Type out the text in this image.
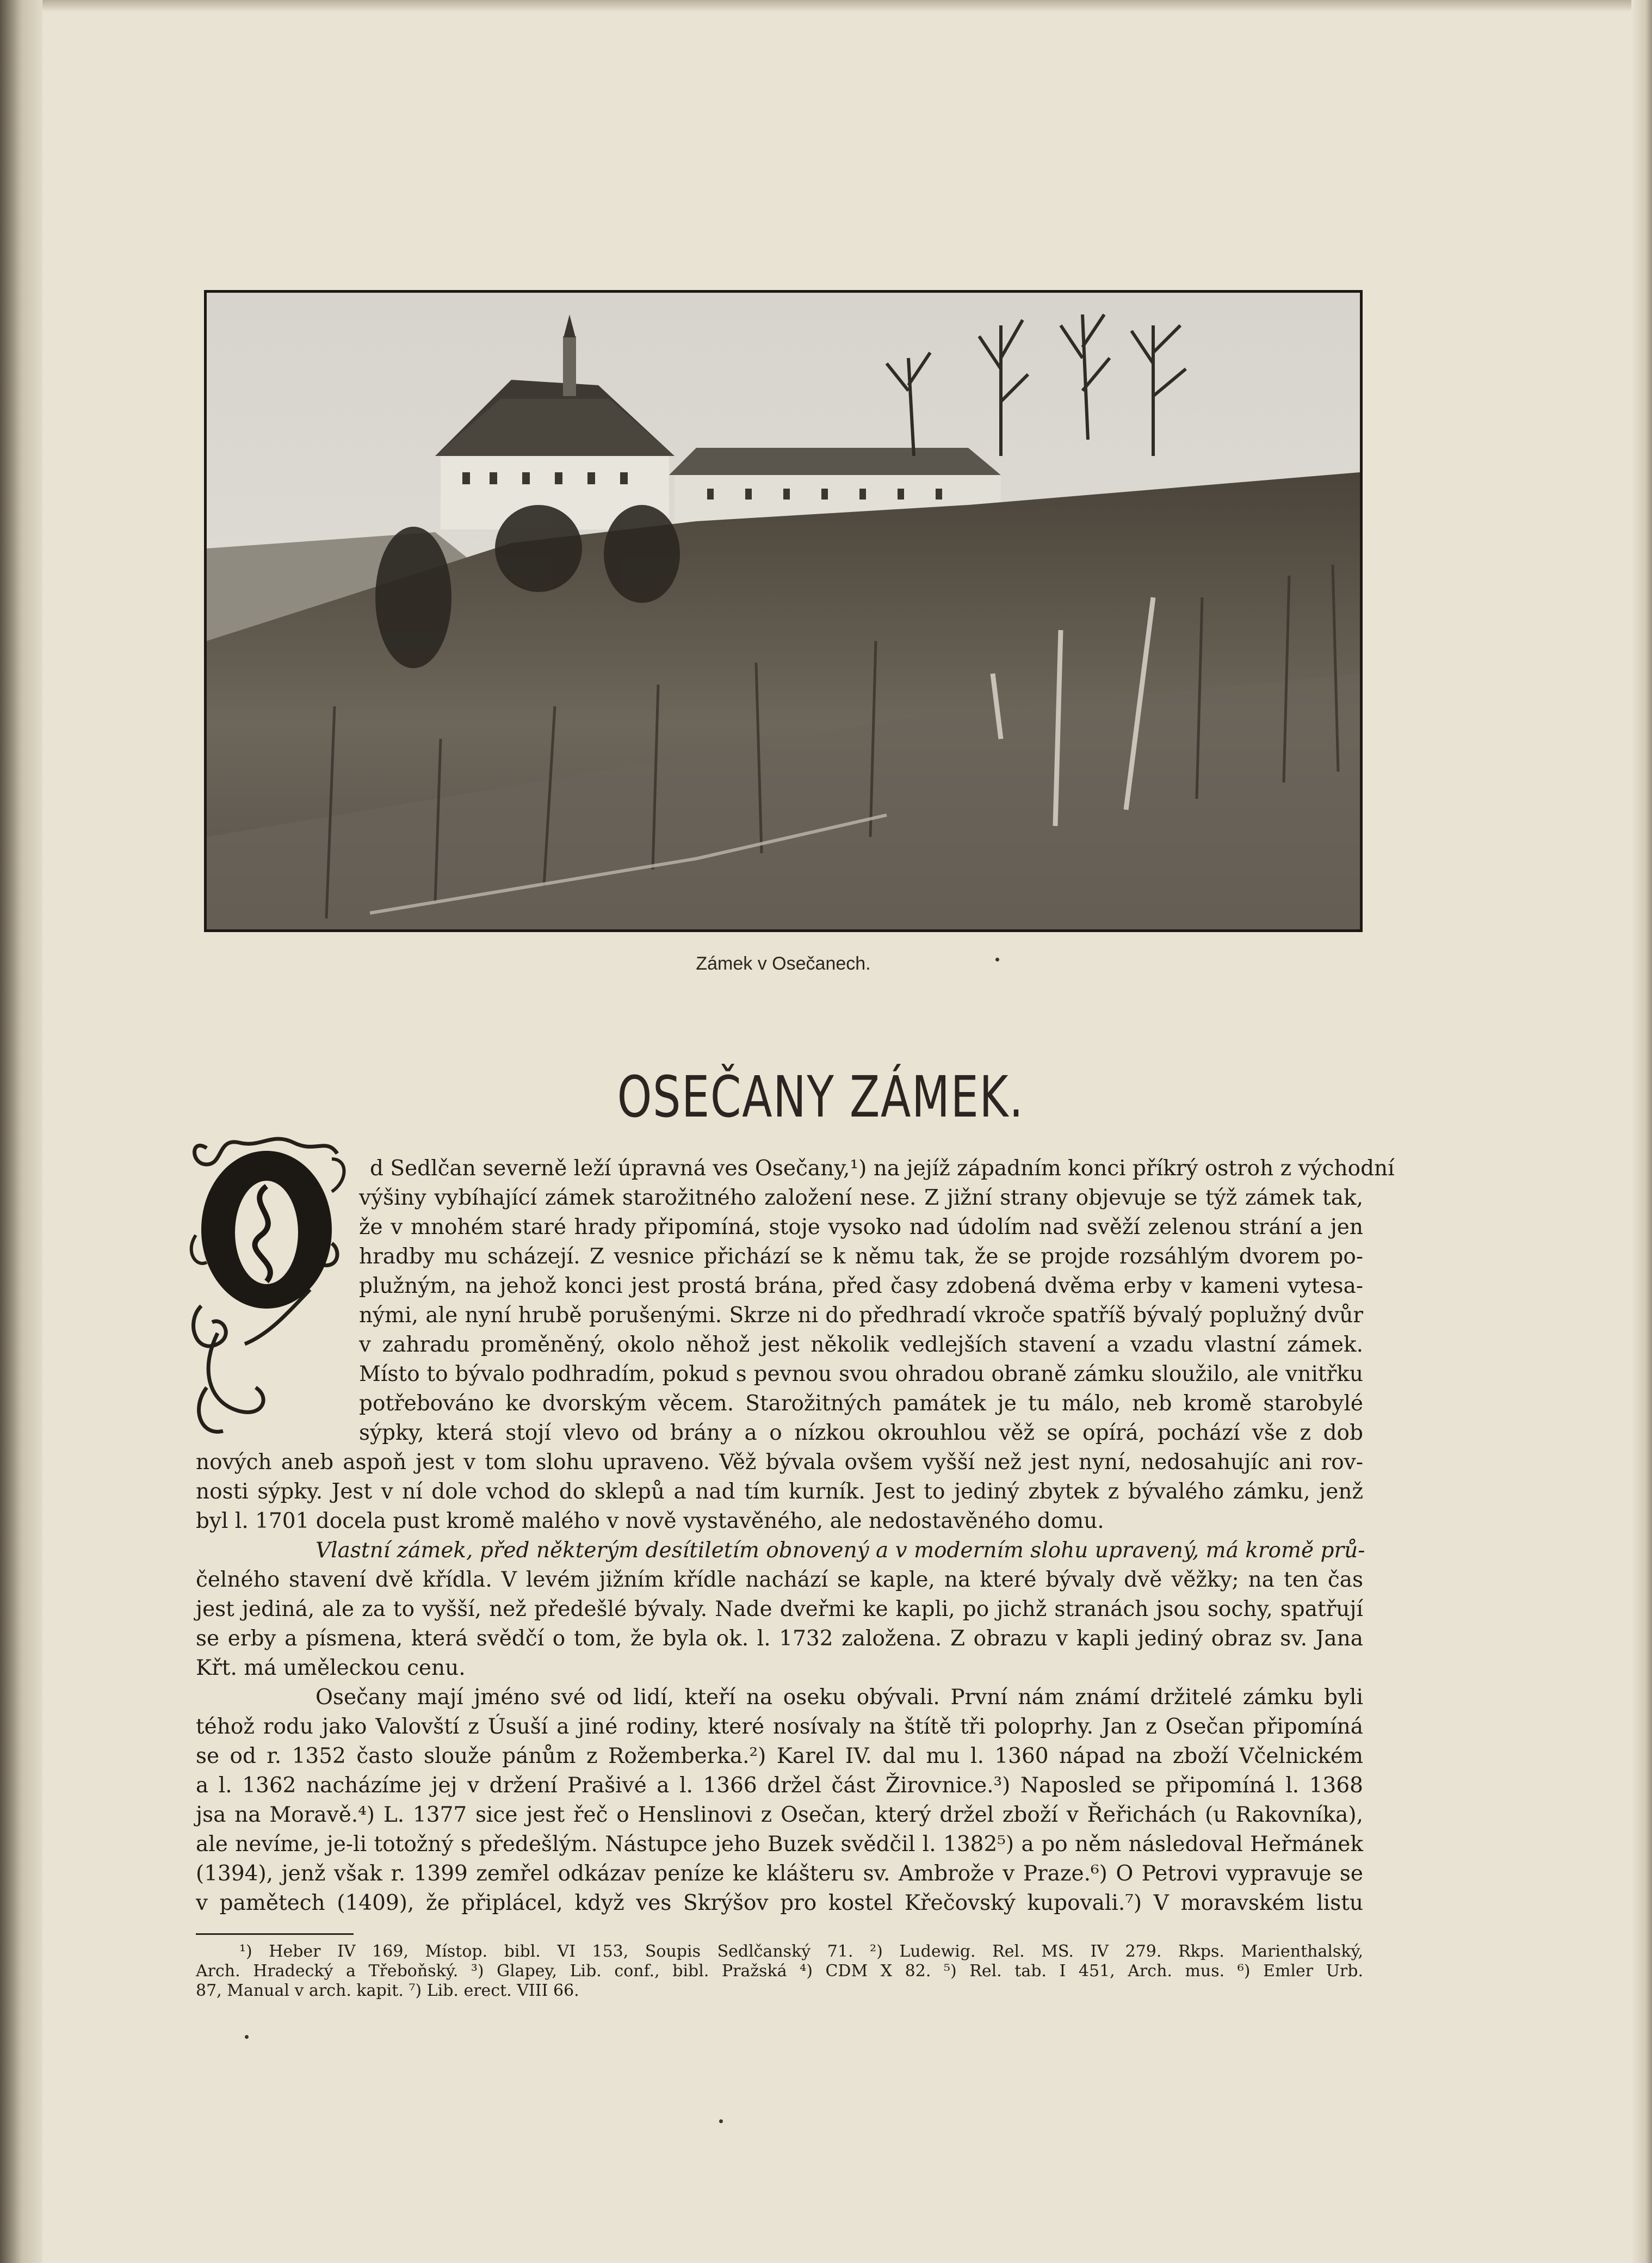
Zámek v Osečanech.
OSEČANY ZÁMEK.
d Sedlčan severně leží úpravná ves Osečany,¹) na jejíž západním konci příkrý ostroh z východní
výšiny vybíhající zámek starožitného založení nese. Z jižní strany objevuje se týž zámek tak,
že v mnohém staré hrady připomíná, stoje vysoko nad údolím nad svěží zelenou strání a jen
hradby mu scházejí. Z vesnice přichází se k němu tak, že se projde rozsáhlým dvorem po-
plužným, na jehož konci jest prostá brána, před časy zdobená dvěma erby v kameni vytesa-
nými, ale nyní hrubě porušenými. Skrze ni do předhradí vkroče spatříš bývalý poplužný dvůr
v zahradu proměněný, okolo něhož jest několik vedlejších stavení a vzadu vlastní zámek.
Místo to bývalo podhradím, pokud s pevnou svou ohradou obraně zámku sloužilo, ale vnitřku
potřebováno ke dvorským věcem. Starožitných památek je tu málo, neb kromě starobylé
sýpky, která stojí vlevo od brány a o nízkou okrouhlou věž se opírá, pochází vše z dob
nových aneb aspoň jest v tom slohu upraveno. Věž bývala ovšem vyšší než jest nyní, nedosahujíc ani rov-
nosti sýpky. Jest v ní dole vchod do sklepů a nad tím kurník. Jest to jediný zbytek z bývalého zámku, jenž
byl l. 1701 docela pust kromě malého v nově vystavěného, ale nedostavěného domu.
Vlastní zámek, před některým desítiletím obnovený a v moderním slohu upravený, má kromě prů-
čelného stavení dvě křídla. V levém jižním křídle nachází se kaple, na které bývaly dvě věžky; na ten čas
jest jediná, ale za to vyšší, než předešlé bývaly. Nade dveřmi ke kapli, po jichž stranách jsou sochy, spatřují
se erby a písmena, která svědčí o tom, že byla ok. l. 1732 založena. Z obrazu v kapli jediný obraz sv. Jana
Křt. má uměleckou cenu.
Osečany mají jméno své od lidí, kteří na oseku obývali. První nám známí držitelé zámku byli
téhož rodu jako Valovští z Úsuší a jiné rodiny, které nosívaly na štítě tři poloprhy. Jan z Osečan připomíná
se od r. 1352 často slouže pánům z Rožemberka.²) Karel IV. dal mu l. 1360 nápad na zboží Včelnickém
a l. 1362 nacházíme jej v držení Prašivé a l. 1366 držel část Žirovnice.³) Naposled se připomíná l. 1368
jsa na Moravě.⁴) L. 1377 sice jest řeč o Henslinovi z Osečan, který držel zboží v Řeřichách (u Rakovníka),
ale nevíme, je-li totožný s předešlým. Nástupce jeho Buzek svědčil l. 1382⁵) a po něm následoval Heřmánek
(1394), jenž však r. 1399 zemřel odkázav peníze ke klášteru sv. Ambrože v Praze.⁶) O Petrovi vypravuje se
v pamětech (1409), že připlácel, když ves Skrýšov pro kostel Křečovský kupovali.⁷) V moravském listu
¹) Heber IV 169, Místop. bibl. VI 153, Soupis Sedlčanský 71. ²) Ludewig. Rel. MS. IV 279. Rkps. Marienthalský,
Arch. Hradecký a Třeboňský. ³) Glapey, Lib. conf., bibl. Pražská ⁴) CDM X 82. ⁵) Rel. tab. I 451, Arch. mus. ⁶) Emler Urb.
87, Manual v arch. kapit. ⁷) Lib. erect. VIII 66.
